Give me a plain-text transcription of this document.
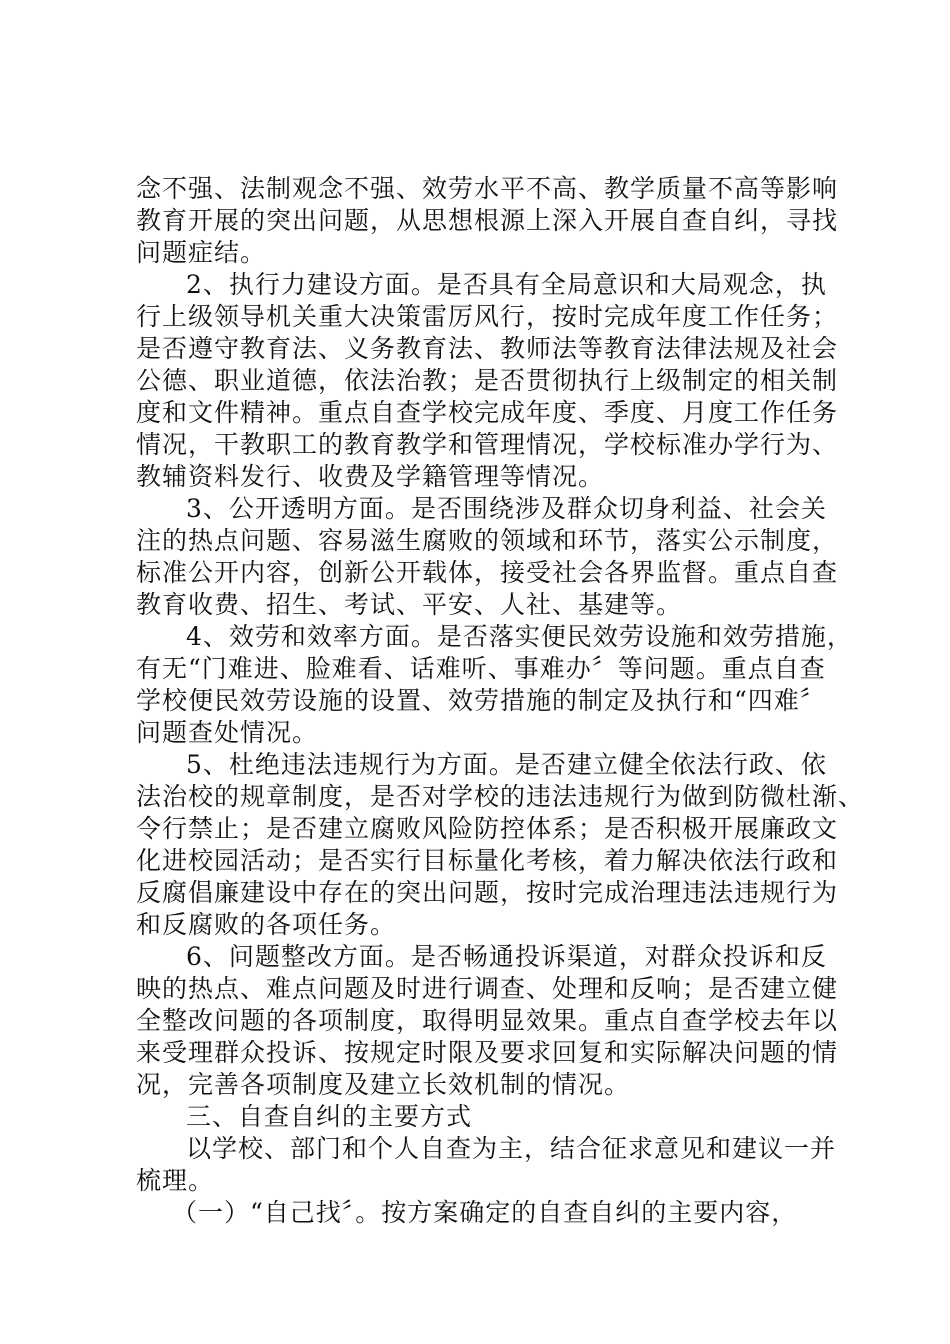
念不强、法制观念不强、效劳水平不高、教学质量不高等影响
教育开展的突出问题，从思想根源上深入开展自查自纠，寻找
问题症结。
2、执行力建设方面。是否具有全局意识和大局观念，执
行上级领导机关重大决策雷厉风行，按时完成年度工作任务；
是否遵守教育法、义务教育法、教师法等教育法律法规及社会
公德、职业道德，依法治教；是否贯彻执行上级制定的相关制
度和文件精神。重点自查学校完成年度、季度、月度工作任务
情况，干教职工的教育教学和管理情况，学校标准办学行为、
教辅资料发行、收费及学籍管理等情况。
3、公开透明方面。是否围绕涉及群众切身利益、社会关
注的热点问题、容易滋生腐败的领域和环节，落实公示制度，
标准公开内容，创新公开载体，接受社会各界监督。重点自查
教育收费、招生、考试、平安、人社、基建等。
4、效劳和效率方面。是否落实便民效劳设施和效劳措施，
有无“门难进、脸难看、话难听、事难办〞等问题。重点自查
学校便民效劳设施的设置、效劳措施的制定及执行和“四难〞
问题查处情况。
5、杜绝违法违规行为方面。是否建立健全依法行政、依
法治校的规章制度，是否对学校的违法违规行为做到防微杜渐、
令行禁止；是否建立腐败风险防控体系；是否积极开展廉政文
化进校园活动；是否实行目标量化考核，着力解决依法行政和
反腐倡廉建设中存在的突出问题，按时完成治理违法违规行为
和反腐败的各项任务。
6、问题整改方面。是否畅通投诉渠道，对群众投诉和反
映的热点、难点问题及时进行调查、处理和反响；是否建立健
全整改问题的各项制度，取得明显效果。重点自查学校去年以
来受理群众投诉、按规定时限及要求回复和实际解决问题的情
况，完善各项制度及建立长效机制的情况。
三、自查自纠的主要方式
以学校、部门和个人自查为主，结合征求意见和建议一并
梳理。
（一）“自己找〞。按方案确定的自查自纠的主要内容，
